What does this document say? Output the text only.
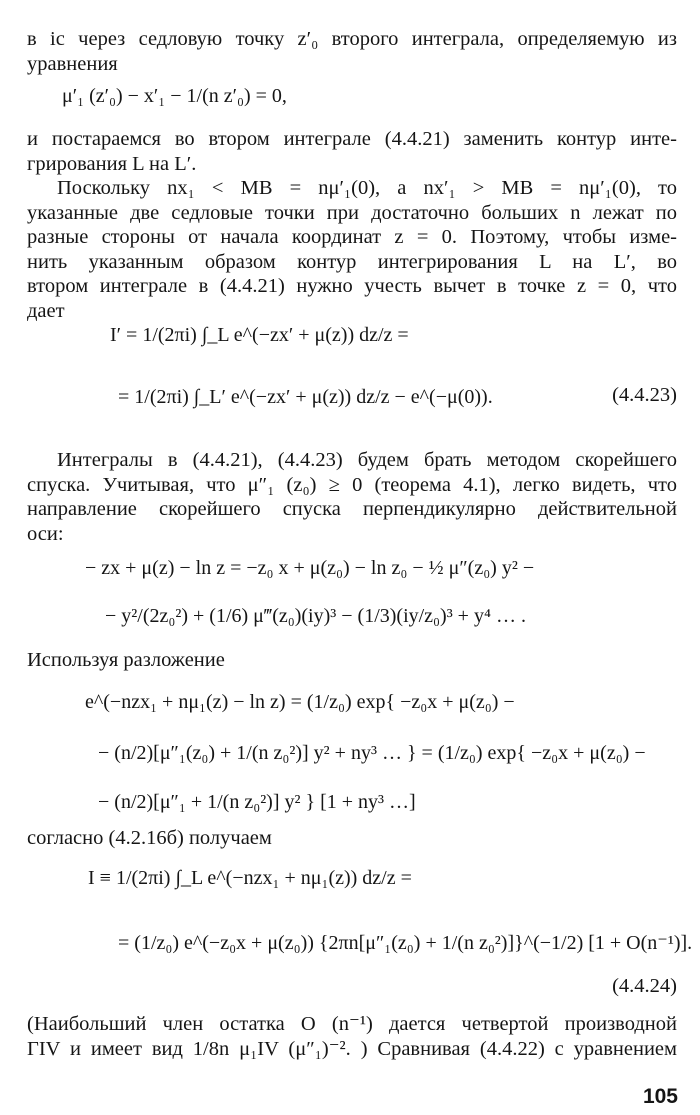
в ic через седловую точку z′₀ второго интеграла, определяемую из
уравнения
μ′₁ (z′₀) − x′₁ − 1/(n z′₀) = 0,
и постараемся во втором интеграле (4.4.21) заменить контур инте-
грирования L на L′.
Поскольку nx₁ < MB = nμ′₁(0), а nx′₁ > MB = nμ′₁(0), то
указанные две седловые точки при достаточно больших n лежат по
разные стороны от начала координат z = 0. Поэтому, чтобы изме-
нить указанным образом контур интегрирования L на L′, во
втором интеграле в (4.4.21) нужно учесть вычет в точке z = 0, что
дает
I′ = 1/(2πi) ∫_L e^(−zx′ + μ(z)) dz/z =
= 1/(2πi) ∫_L′ e^(−zx′ + μ(z)) dz/z − e^(−μ(0)).	(4.4.23)
Интегралы в (4.4.21), (4.4.23) будем брать методом скорейшего
спуска. Учитывая, что μ″₁ (z₀) ≥ 0 (теорема 4.1), легко видеть, что
направление скорейшего спуска перпендикулярно действительной
оси:
− zx + μ(z) − ln z = −z₀ x + μ(z₀) − ln z₀ − ½ μ″(z₀) y² −
− y²/(2z₀²) + (1/6) μ‴(z₀)(iy)³ − (1/3)(iy/z₀)³ + y⁴ … .
Используя разложение
e^(−nzx₁ + nμ₁(z) − ln z) = (1/z₀) exp{ −z₀x + μ(z₀) −
− (n/2)[μ″₁(z₀) + 1/(n z₀²)] y² + ny³ … } = (1/z₀) exp{ −z₀x + μ(z₀) −
− (n/2)[μ″₁ + 1/(n z₀²)] y² } [1 + ny³ …]
согласно (4.2.16б) получаем
I ≡ 1/(2πi) ∫_L e^(−nzx₁ + nμ₁(z)) dz/z =
= (1/z₀) e^(−z₀x + μ(z₀)) {2πn[μ″₁(z₀) + 1/(n z₀²)]}^(−1/2) [1 + O(n⁻¹)].
(4.4.24)
(Наибольший член остатка O (n⁻¹) дается четвертой производной
ΓIV и имеет вид 1/8n μ₁IV (μ″₁)⁻². ) Сравнивая (4.4.22) с уравнением
105
